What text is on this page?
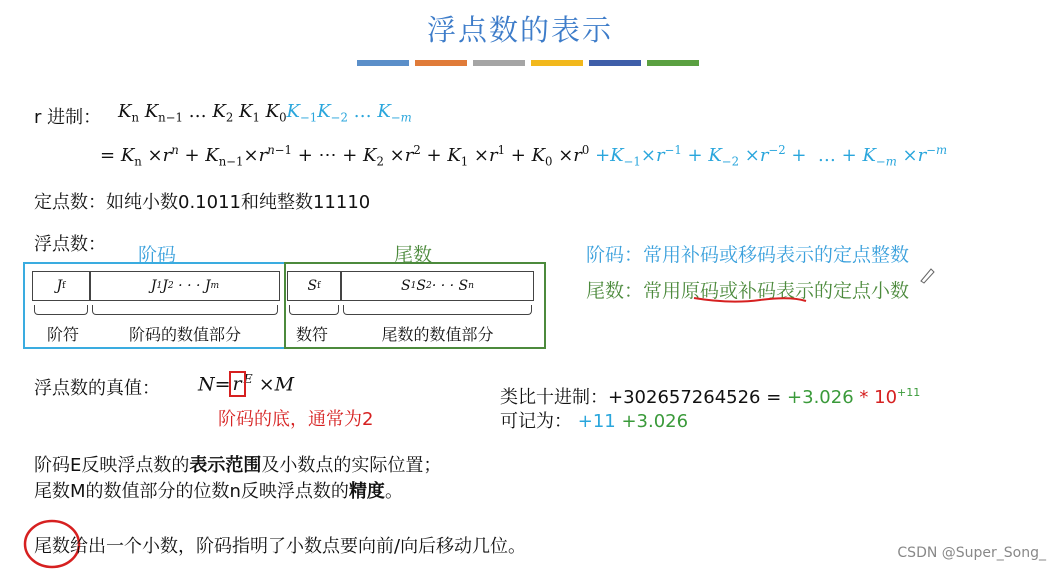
浮点数的表示
r 进制： $K_n$ $K_{n-1}$ … $K_2$ $K_1$ $K_0K_{-1}K_{-2}$ … $K_{-m}$
= $K_n \times r^n + K_{n-1}\times r^{n-1}$ + ⋯ + $K_2 \times r^2 + K_1 \times r^1 + K_0 \times r^0 +K_{-1}\times r^{-1} + K_{-2} \times r^{-2}$ +  … + $K_{-m} \times r^{-m}$
定点数：如纯小数0.1011和纯整数11110
浮点数： 阶码	尾数
J f	J 1 J 2 · · · J m	S f	S 1 S 2 · · · S n
阶符	阶码的数值部分	数符	尾数的数值部分
阶码：常用补码或移码表示的定点整数
尾数：常用原码或补码表示的定点小数
浮点数的真值： N= r $^E$ ×M
阶码的底，通常为2
类比十进制：$+302657264526 = +3.026 * 10^{+11}$
可记为： +11 +3.026
阶码E反映浮点数的表示范围及小数点的实际位置；
尾数M的数值部分的位数n反映浮点数的精度。
尾数给出一个小数，阶码指明了小数点要向前/向后移动几位。	CSDN @Super_Song_
